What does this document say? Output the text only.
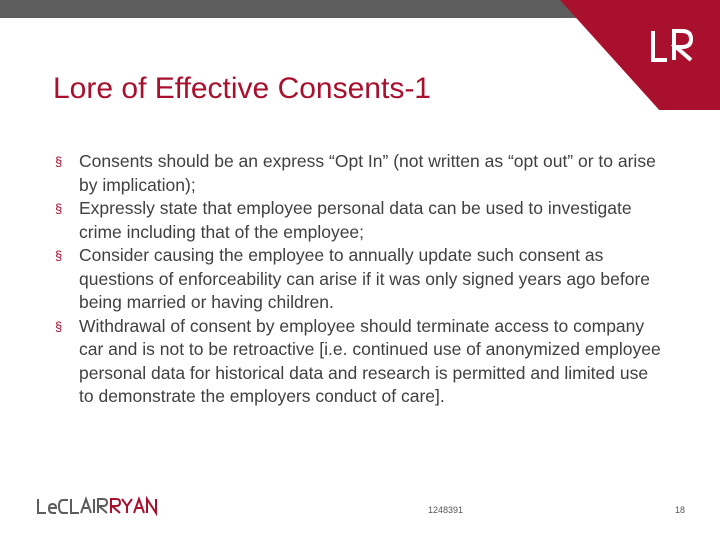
Lore of Effective Consents-1
§ Consents should be an express “Opt In” (not written as “opt out” or to arise by implication);
§ Expressly state that employee personal data can be used to investigate crime including that of the employee;
§ Consider causing the employee to annually update such consent as questions of enforceability can arise if it was only signed years ago before being married or having children.
§ Withdrawal of consent by employee should terminate access to company car and is not to be retroactive [i.e. continued use of anonymized employee personal data for historical data and research is permitted and limited use to demonstrate the employers conduct of care].
1248391	18
